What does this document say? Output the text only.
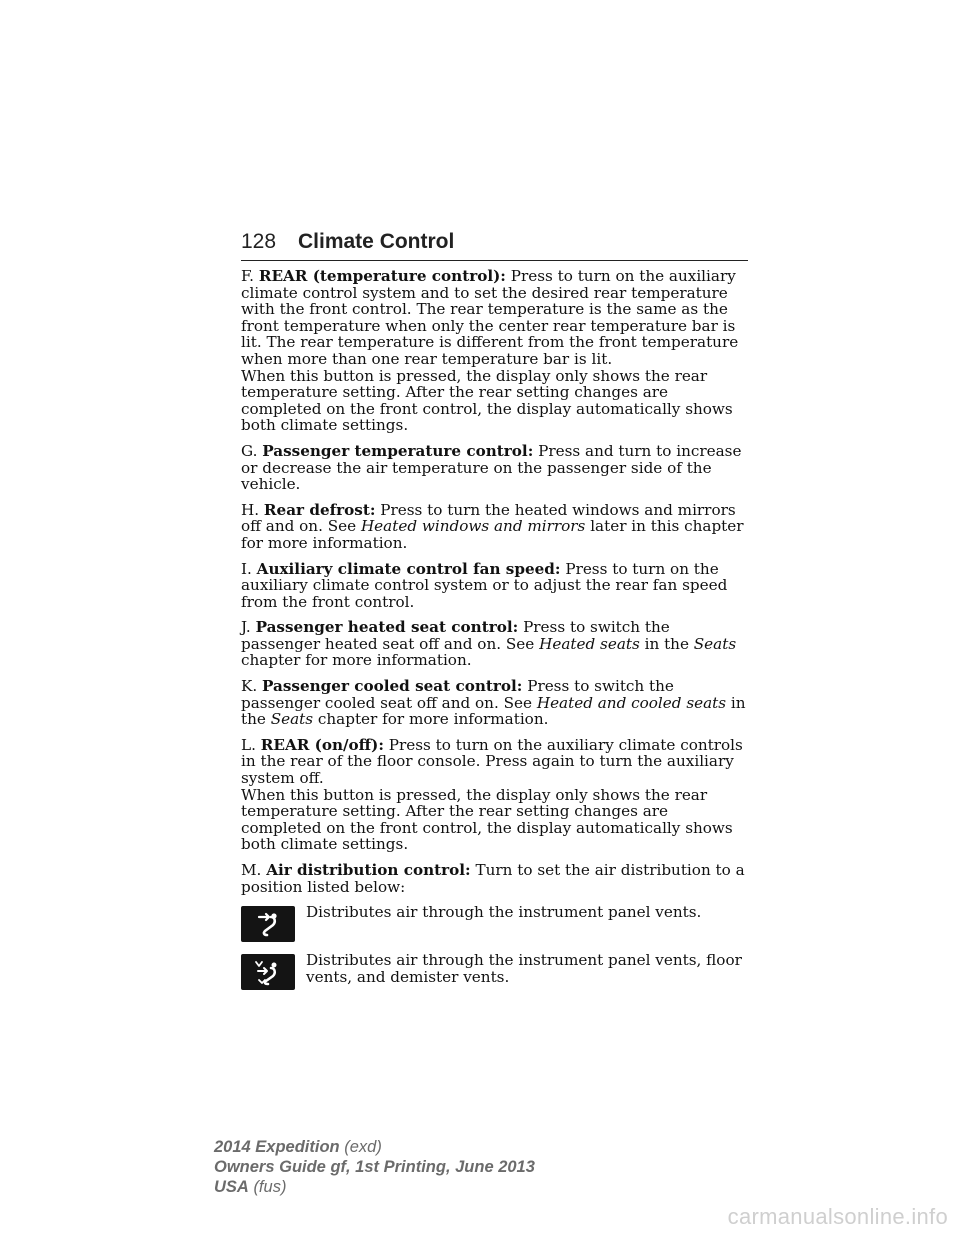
128 Climate Control

F. REAR (temperature control): Press to turn on the auxiliary climate control system and to set the desired rear temperature with the front control. The rear temperature is the same as the front temperature when only the center rear temperature bar is lit. The rear temperature is different from the front temperature when more than one rear temperature bar is lit.

When this button is pressed, the display only shows the rear temperature setting. After the rear setting changes are completed on the front control, the display automatically shows both climate settings.

G. Passenger temperature control: Press and turn to increase or decrease the air temperature on the passenger side of the vehicle.

H. Rear defrost: Press to turn the heated windows and mirrors off and on. See Heated windows and mirrors later in this chapter for more information.

I. Auxiliary climate control fan speed: Press to turn on the auxiliary climate control system or to adjust the rear fan speed from the front control.

J. Passenger heated seat control: Press to switch the passenger heated seat off and on. See Heated seats in the Seats chapter for more information.

K. Passenger cooled seat control: Press to switch the passenger cooled seat off and on. See Heated and cooled seats in the Seats chapter for more information.

L. REAR (on/off): Press to turn on the auxiliary climate controls in the rear of the floor console. Press again to turn the auxiliary system off.

When this button is pressed, the display only shows the rear temperature setting. After the rear setting changes are completed on the front control, the display automatically shows both climate settings.

M. Air distribution control: Turn to set the air distribution to a position listed below:

Distributes air through the instrument panel vents.
Distributes air through the instrument panel vents, floor vents, and demister vents.
2014 Expedition (exd)
Owners Guide gf, 1st Printing, June 2013
USA (fus)
carmanualsonline.info
